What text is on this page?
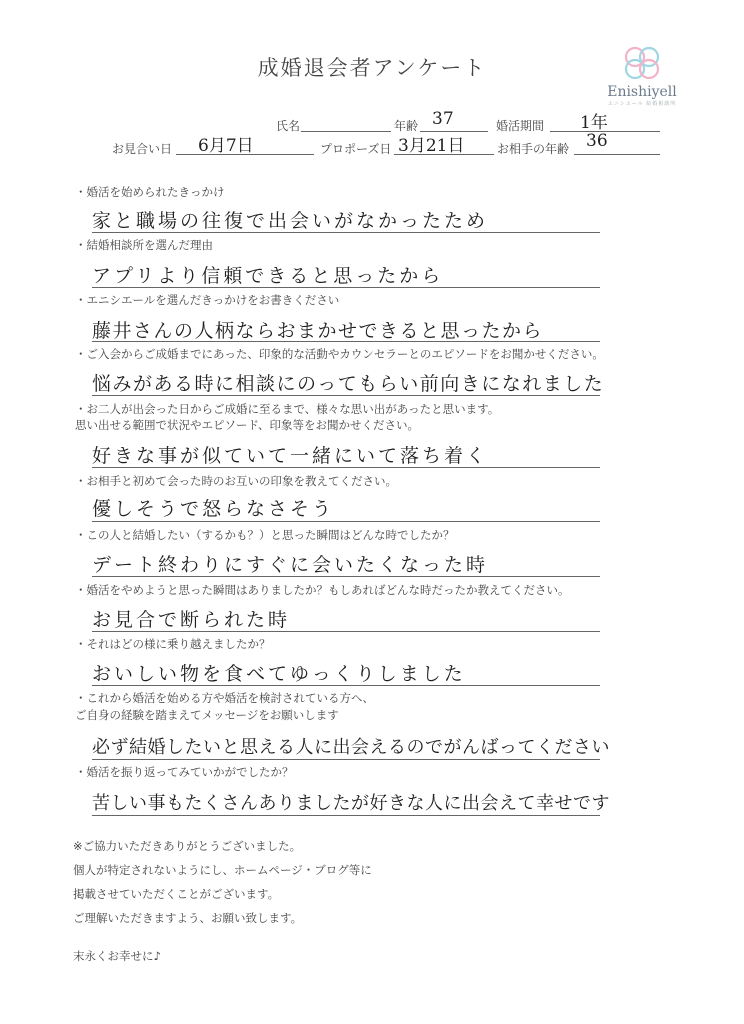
成婚退会者アンケート
Enishiyell
エニシエール 結婚相談所
氏名	年齢 37	婚活期間 1年
お見合い日 6月7日	プロポーズ日 3月21日	お相手の年齢 36
・婚活を始められたきっかけ
家と職場の往復で出会いがなかったため
・結婚相談所を選んだ理由
アプリより信頼できると思ったから
・エニシエールを選んだきっかけをお書きください
藤井さんの人柄ならおまかせできると思ったから
・ご入会からご成婚までにあった、印象的な活動やカウンセラーとのエピソードをお聞かせください。
悩みがある時に相談にのってもらい前向きになれました
・お二人が出会った日からご成婚に至るまで、様々な思い出があったと思います。
思い出せる範囲で状況やエピソード、印象等をお聞かせください。
好きな事が似ていて一緒にいて落ち着く
・お相手と初めて会った時のお互いの印象を教えてください。
優しそうで怒らなさそう
・この人と結婚したい（するかも？）と思った瞬間はどんな時でしたか？
デート終わりにすぐに会いたくなった時
・婚活をやめようと思った瞬間はありましたか？もしあればどんな時だったか教えてください。
お見合で断られた時
・それはどの様に乗り越えましたか？
おいしい物を食べてゆっくりしました
・これから婚活を始める方や婚活を検討されている方へ、
ご自身の経験を踏まえてメッセージをお願いします
必ず結婚したいと思える人に出会えるのでがんばってください
・婚活を振り返ってみていかがでしたか？
苦しい事もたくさんありましたが好きな人に出会えて幸せです
※ご協力いただきありがとうございました。
個人が特定されないようにし、ホームページ・ブログ等に
掲載させていただくことがございます。
ご理解いただきますよう、お願い致します。
末永くお幸せに♪
